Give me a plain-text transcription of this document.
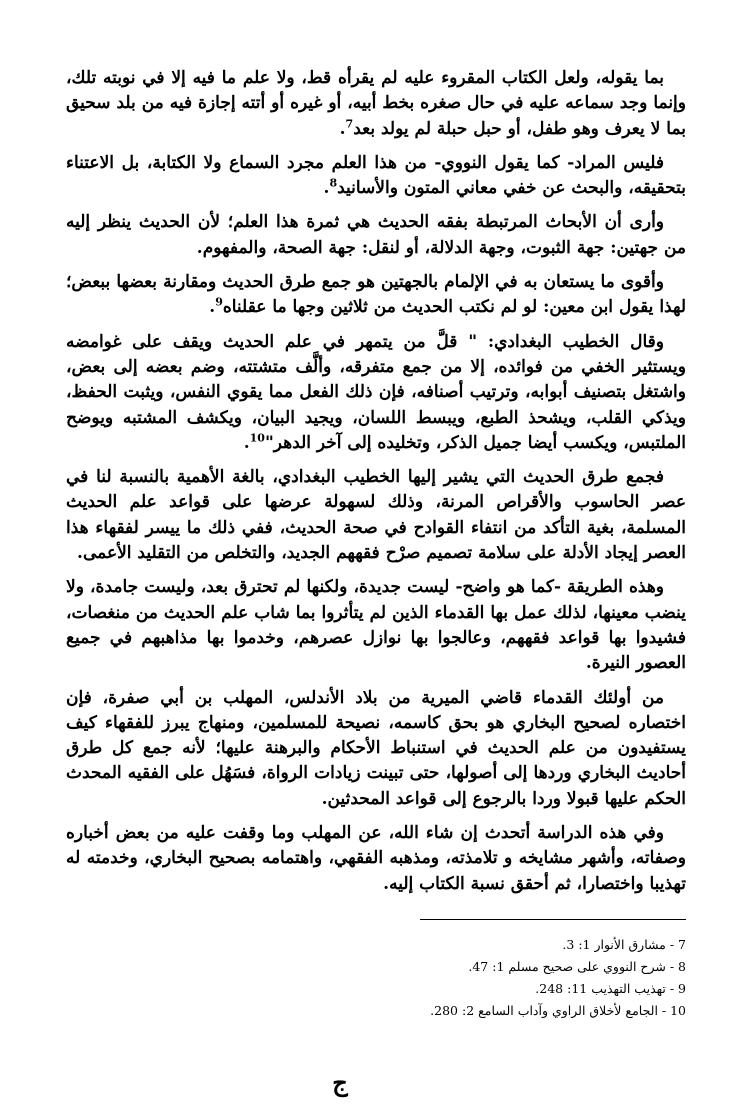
بما يقوله، ولعل الكتاب المقروء عليه لم يقرأه قط، ولا علم ما فيه إلا في نوبته تلك، وإنما وجد سماعه عليه في حال صغره بخط أبيه، أو غيره أو أتته إجازة فيه من بلد سحيق بما لا يعرف وهو طفل، أو حبل حبلة لم يولد بعد$^7$.

فليس المراد- كما يقول النووي- من هذا العلم مجرد السماع ولا الكتابة، بل الاعتناء بتحقيقه، والبحث عن خفي معاني المتون والأسانيد$^8$.

وأرى أن الأبحاث المرتبطة بفقه الحديث هي ثمرة هذا العلم؛ لأن الحديث ينظر إليه من جهتين: جهة الثبوت، وجهة الدلالة، أو لنقل: جهة الصحة، والمفهوم.

وأقوى ما يستعان به في الإلمام بالجهتين هو جمع طرق الحديث ومقارنة بعضها ببعض؛ لهذا يقول ابن معين: لو لم نكتب الحديث من ثلاثين وجها ما عقلناه$^9$.

وقال الخطيب البغدادي: " قلَّ من يتمهر في علم الحديث ويقف على غوامضه ويستثير الخفي من فوائده، إلا من جمع متفرقه، وألَّف متشتته، وضم بعضه إلى بعض، واشتغل بتصنيف أبوابه، وترتيب أصنافه، فإن ذلك الفعل مما يقوي النفس، ويثبت الحفظ، ويذكي القلب، ويشحذ الطبع، ويبسط اللسان، ويجيد البيان، ويكشف المشتبه ويوضح الملتبس، ويكسب أيضا جميل الذكر، وتخليده إلى آخر الدهر"$^{10}$.

فجمع طرق الحديث التي يشير إليها الخطيب البغدادي، بالغة الأهمية بالنسبة لنا في عصر الحاسوب والأقراص المرنة، وذلك لسهولة عرضها على قواعد علم الحديث المسلمة، بغية التأكد من انتفاء القوادح في صحة الحديث، ففي ذلك ما ييسر لفقهاء هذا العصر إيجاد الأدلة على سلامة تصميم صرْح فقههم الجديد، والتخلص من التقليد الأعمى.

وهذه الطريقة -كما هو واضح- ليست جديدة، ولكنها لم تحترق بعد، وليست جامدة، ولا ينضب معينها، لذلك عمل بها القدماء الذين لم يتأثروا بما شاب علم الحديث من منغصات، فشيدوا بها قواعد فقههم، وعالجوا بها نوازل عصرهم، وخدموا بها مذاهبهم في جميع العصور النيرة.

من أولئك القدماء قاضي الميرية من بلاد الأندلس، المهلب بن أبي صفرة، فإن اختصاره لصحيح البخاري هو بحق كاسمه، نصيحة للمسلمين، ومنهاج يبرز للفقهاء كيف يستفيدون من علم الحديث في استنباط الأحكام والبرهنة عليها؛ لأنه جمع كل طرق أحاديث البخاري وردها إلى أصولها، حتى تبينت زيادات الرواة، فسَهُل على الفقيه المحدث الحكم عليها قبولا وردا بالرجوع إلى قواعد المحدثين.

وفي هذه الدراسة أتحدث إن شاء الله، عن المهلب وما وقفت عليه من بعض أخباره وصفاته، وأشهر مشايخه و تلامذته، ومذهبه الفقهي، واهتمامه بصحيح البخاري، وخدمته له تهذيبا واختصارا، ثم أحقق نسبة الكتاب إليه.

7 - مشارق الأنوار 1: 3.
8 - شرح النووي على صحيح مسلم 1: 47.
9 - تهذيب التهذيب 11: 248.
10 - الجامع لأخلاق الراوي وآداب السامع 2: 280.
ج
